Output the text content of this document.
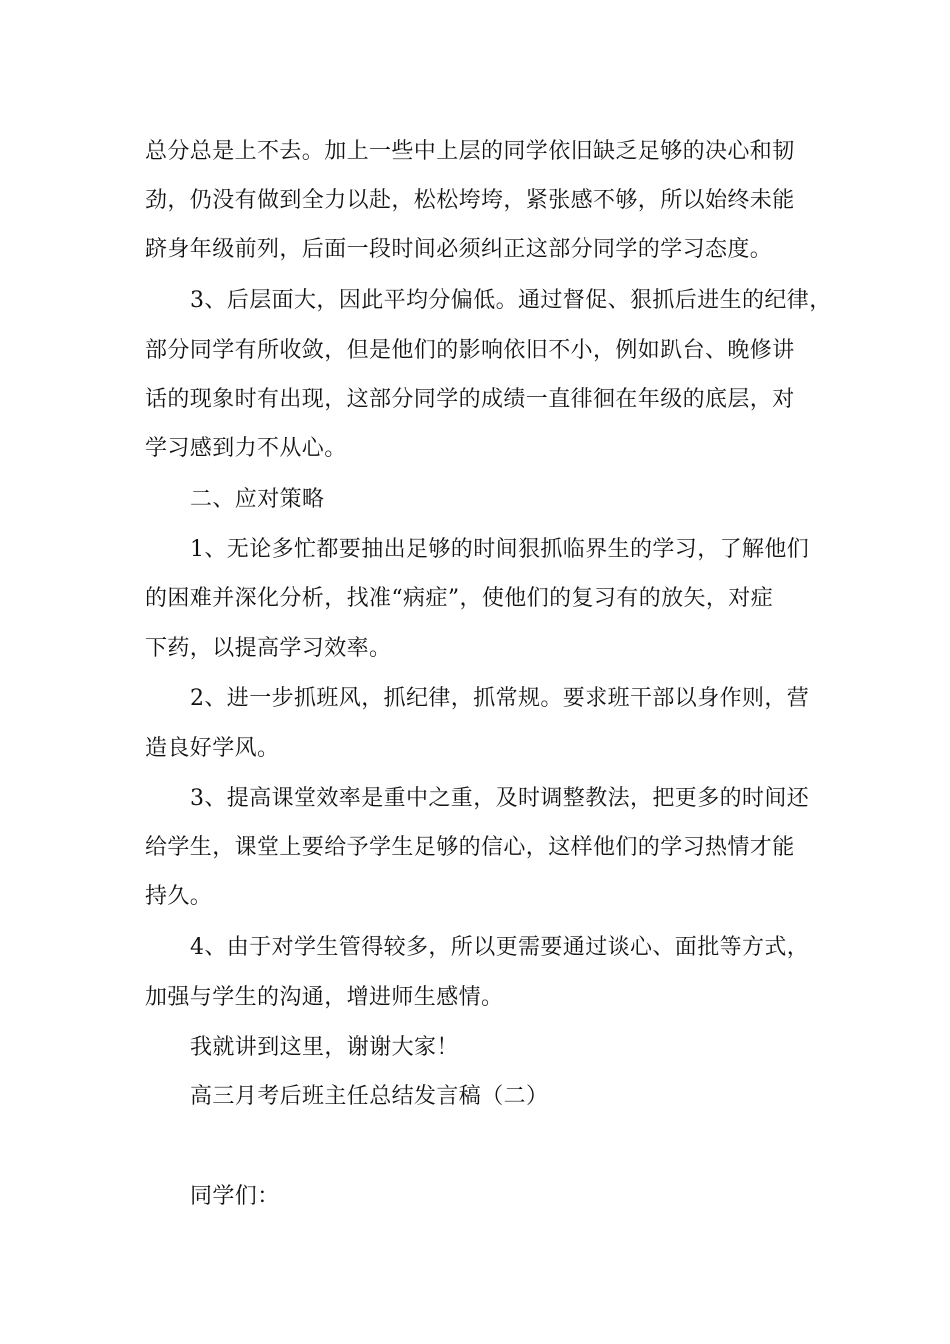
总分总是上不去。加上一些中上层的同学依旧缺乏足够的决心和韧
劲，仍没有做到全力以赴，松松垮垮，紧张感不够，所以始终未能
跻身年级前列，后面一段时间必须纠正这部分同学的学习态度。
3、后层面大，因此平均分偏低。通过督促、狠抓后进生的纪律，
部分同学有所收敛，但是他们的影响依旧不小，例如趴台、晚修讲
话的现象时有出现，这部分同学的成绩一直徘徊在年级的底层，对
学习感到力不从心。
二、应对策略
1、无论多忙都要抽出足够的时间狠抓临界生的学习，了解他们
的困难并深化分析，找准“病症”，使他们的复习有的放矢，对症
下药，以提高学习效率。
2、进一步抓班风，抓纪律，抓常规。要求班干部以身作则，营
造良好学风。
3、提高课堂效率是重中之重，及时调整教法，把更多的时间还
给学生，课堂上要给予学生足够的信心，这样他们的学习热情才能
持久。
4、由于对学生管得较多，所以更需要通过谈心、面批等方式，
加强与学生的沟通，增进师生感情。
我就讲到这里，谢谢大家！
高三月考后班主任总结发言稿（二）
同学们：
